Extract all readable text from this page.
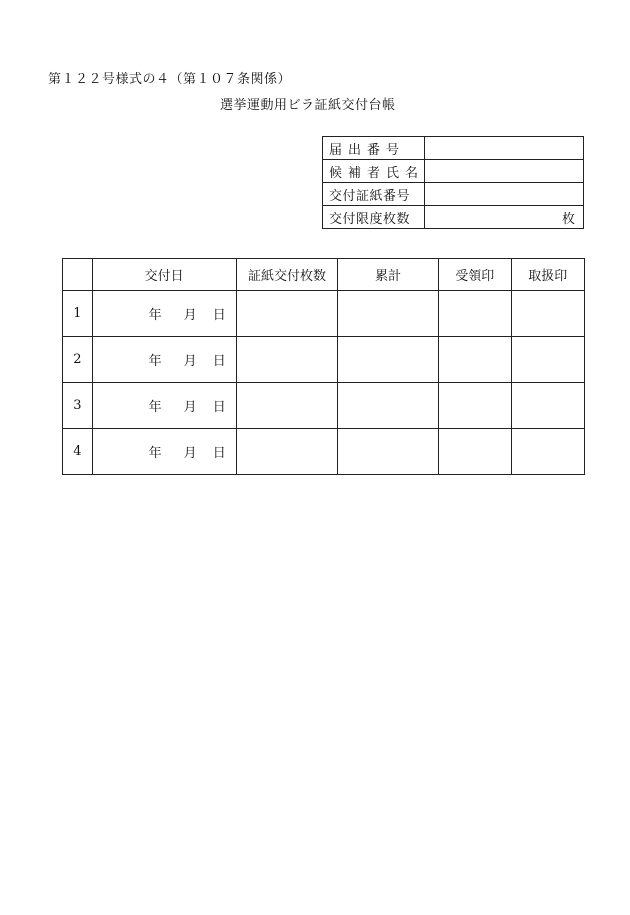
第１２２号様式の４（第１０７条関係）
選挙運動用ビラ証紙交付台帳
届出番号	
候補者氏名	
交付証紙番号	
交付限度枚数	枚
	交付日	証紙交付枚数	累計	受領印	取扱印
1	年 月 日				
2	年 月 日				
3	年 月 日				
4	年 月 日				
